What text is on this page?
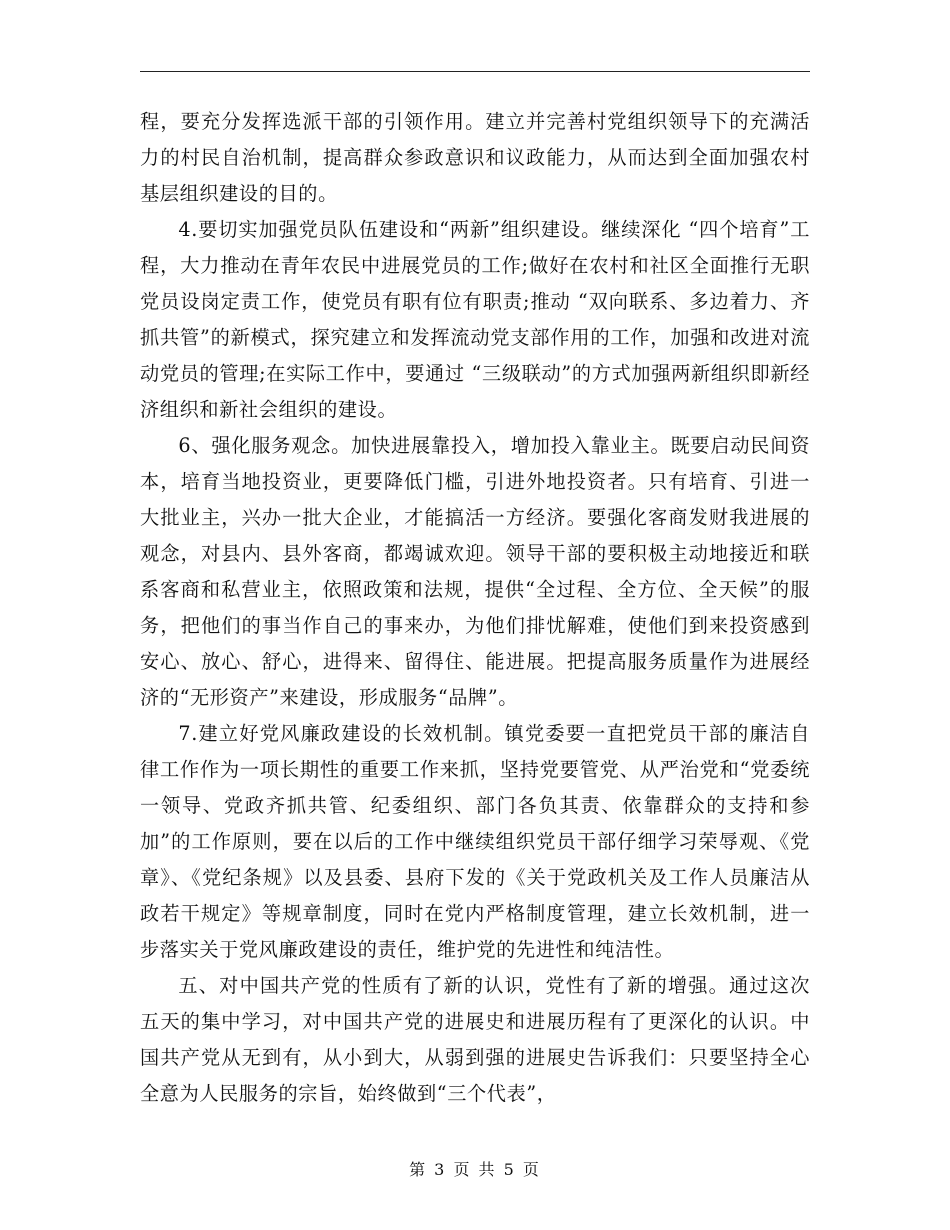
程，要充分发挥选派干部的引领作用。建立并完善村党组织领导下的充满活力的村民自治机制，提高群众参政意识和议政能力，从而达到全面加强农村基层组织建设的目的。

4.要切实加强党员队伍建设和“两新”组织建设。继续深化 “四个培育”工程，大力推动在青年农民中进展党员的工作;做好在农村和社区全面推行无职党员设岗定责工作，使党员有职有位有职责;推动 “双向联系、多边着力、齐抓共管”的新模式，探究建立和发挥流动党支部作用的工作，加强和改进对流动党员的管理;在实际工作中，要通过 “三级联动”的方式加强两新组织即新经济组织和新社会组织的建设。

6、强化服务观念。加快进展靠投入，增加投入靠业主。既要启动民间资本，培育当地投资业，更要降低门槛，引进外地投资者。只有培育、引进一大批业主，兴办一批大企业，才能搞活一方经济。要强化客商发财我进展的观念，对县内、县外客商，都竭诚欢迎。领导干部的要积极主动地接近和联系客商和私营业主，依照政策和法规，提供“全过程、全方位、全天候”的服务，把他们的事当作自己的事来办，为他们排忧解难，使他们到来投资感到安心、放心、舒心，进得来、留得住、能进展。把提高服务质量作为进展经济的“无形资产”来建设，形成服务“品牌”。

7.建立好党风廉政建设的长效机制。镇党委要一直把党员干部的廉洁自律工作作为一项长期性的重要工作来抓，坚持党要管党、从严治党和“党委统一领导、党政齐抓共管、纪委组织、部门各负其责、依靠群众的支持和参加”的工作原则，要在以后的工作中继续组织党员干部仔细学习荣辱观、《党章》、《党纪条规》以及县委、县府下发的《关于党政机关及工作人员廉洁从政若干规定》等规章制度，同时在党内严格制度管理，建立长效机制，进一步落实关于党风廉政建设的责任，维护党的先进性和纯洁性。

五、对中国共产党的性质有了新的认识，党性有了新的增强。通过这次五天的集中学习，对中国共产党的进展史和进展历程有了更深化的认识。中国共产党从无到有，从小到大，从弱到强的进展史告诉我们：只要坚持全心全意为人民服务的宗旨，始终做到“三个代表”，

第 3 页 共 5 页
